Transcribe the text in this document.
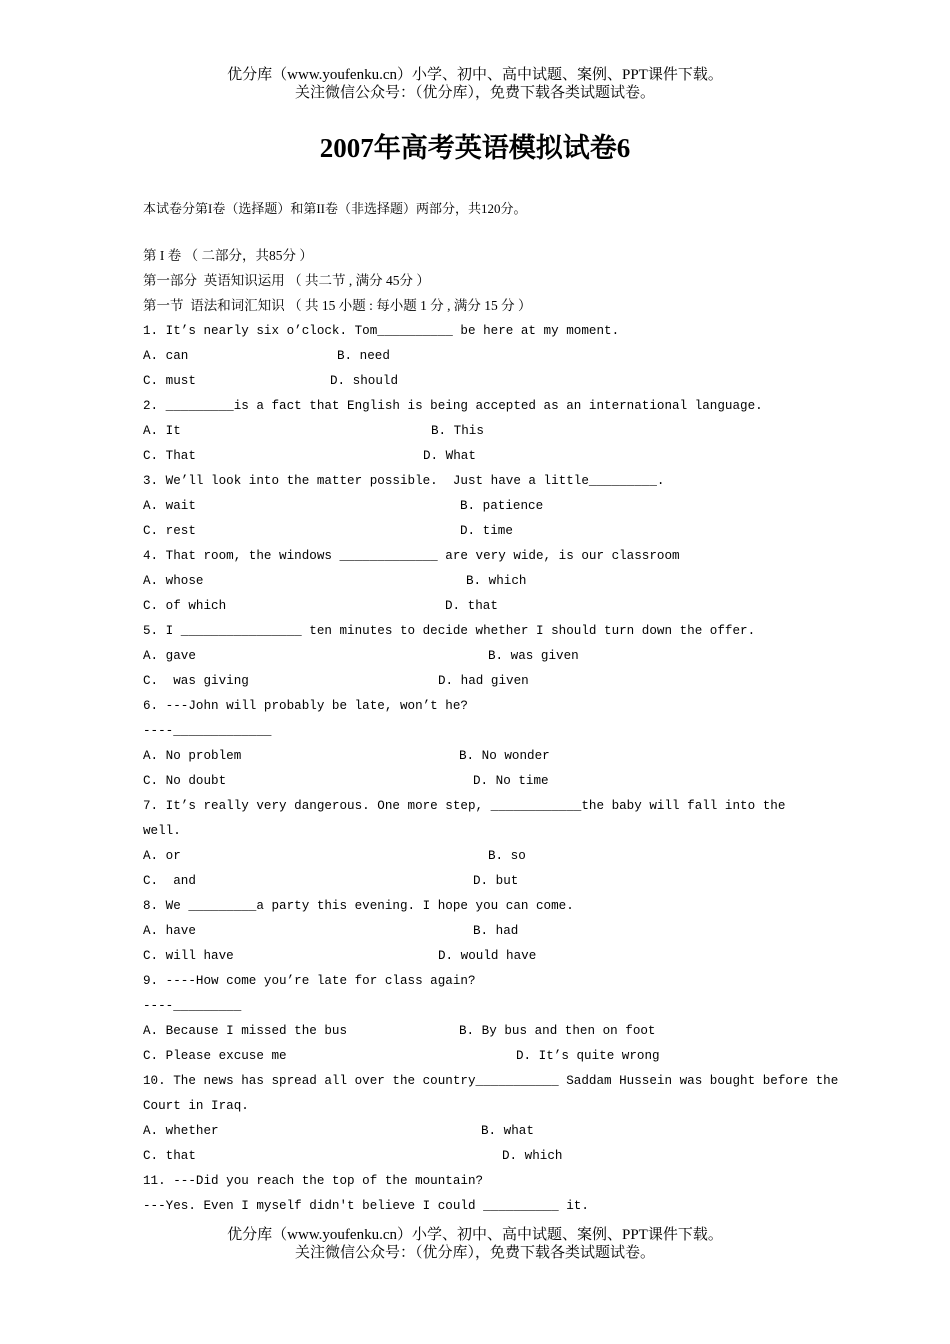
优分库（www.youfenku.cn）小学、初中、高中试题、案例、PPT课件下载。
关注微信公众号：（优分库），免费下载各类试题试卷。
2007年高考英语模拟试卷6
本试卷分第I卷（选择题）和第II卷（非选择题）两部分，共120分。
第 I 卷 （ 二部分，共85分 ）
第一部分  英语知识运用 （ 共二节 , 满分 45分 ）
第一节  语法和词汇知识 （ 共 15 小题 : 每小题 1 分 , 满分 15 分 ）
1. It’s nearly six o’clock. Tom__________ be here at my moment.

A. can

	B. need

C. must

	D. should

2. _________is a fact that English is being accepted as an international language.

A. It

	B. This

C. That

	D. What

3. We’ll look into the matter possible.  Just have a little_________.

A. wait

	B. patience

C. rest

	D. time

4. That room, the windows _____________ are very wide, is our classroom

A. whose

	B. which

C. of which

	D. that

5. I ________________ ten minutes to decide whether I should turn down the offer.

A. gave

	B. was given

C.  was giving

	D. had given

6. ---John will probably be late, won’t he?
----_____________

A. No problem

	B. No wonder

C. No doubt

	D. No time

7. It’s really very dangerous. One more step, ____________the baby will fall into the
well.

A. or

	B. so

C.  and

	D. but

8. We _________a party this evening. I hope you can come.

A. have

	B. had

C. will have

	D. would have

9. ----How come you’re late for class again?
----_________

A. Because I missed the bus

	B. By bus and then on foot

C. Please excuse me

	D. It’s quite wrong

10. The news has spread all over the country___________ Saddam Hussein was bought before the
Court in Iraq.

A. whether

	B. what

C. that

	D. which

11. ---Did you reach the top of the mountain?
---Yes. Even I myself didn't believe I could __________ it.
优分库（www.youfenku.cn）小学、初中、高中试题、案例、PPT课件下载。
关注微信公众号：（优分库），免费下载各类试题试卷。
